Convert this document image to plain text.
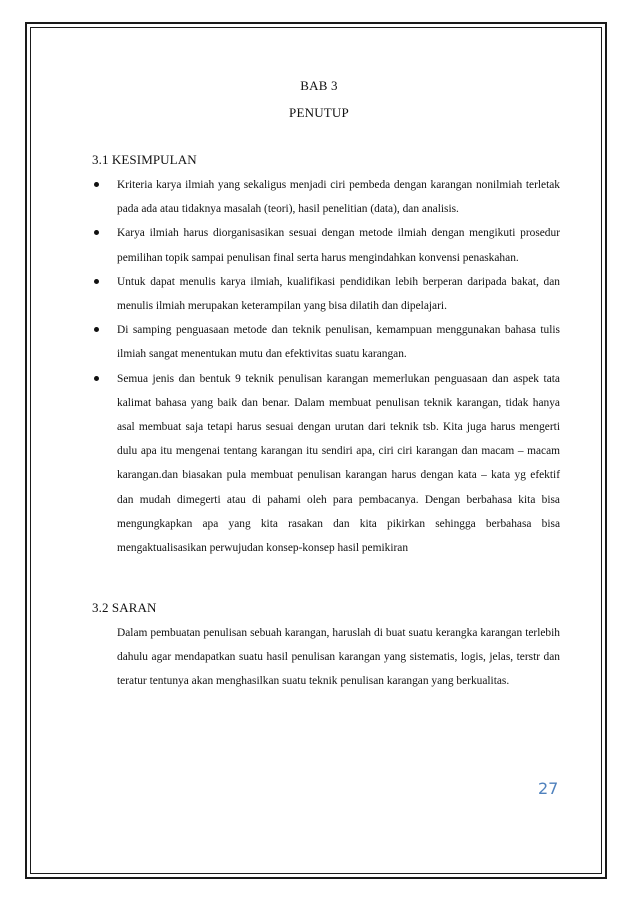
BAB 3
PENUTUP
3.1 KESIMPULAN
Kriteria karya ilmiah yang sekaligus menjadi ciri pembeda dengan karangan nonilmiah terletak pada ada atau tidaknya masalah (teori), hasil penelitian (data), dan analisis.
Karya ilmiah harus diorganisasikan sesuai dengan metode ilmiah dengan mengikuti prosedur pemilihan topik sampai penulisan final serta harus mengindahkan konvensi penaskahan.
Untuk dapat menulis karya ilmiah, kualifikasi pendidikan lebih berperan daripada bakat, dan menulis ilmiah merupakan keterampilan yang bisa dilatih dan dipelajari.
Di samping penguasaan metode dan teknik penulisan, kemampuan menggunakan bahasa tulis ilmiah sangat menentukan mutu dan efektivitas suatu karangan.
Semua jenis dan bentuk 9 teknik penulisan karangan memerlukan penguasaan dan aspek tata kalimat bahasa yang baik dan benar. Dalam membuat penulisan teknik karangan, tidak hanya asal membuat saja tetapi harus sesuai dengan urutan dari teknik tsb. Kita juga harus mengerti dulu apa itu mengenai tentang karangan itu sendiri apa, ciri ciri karangan dan macam – macam karangan.dan biasakan pula membuat penulisan karangan harus dengan kata – kata yg efektif dan mudah dimegerti atau di pahami oleh para pembacanya. Dengan berbahasa kita bisa mengungkapkan apa yang kita rasakan dan kita pikirkan sehingga berbahasa bisa mengaktualisasikan perwujudan konsep-konsep hasil pemikiran
3.2 SARAN

Dalam pembuatan penulisan sebuah karangan, haruslah di buat suatu kerangka karangan terlebih dahulu agar mendapatkan suatu hasil penulisan karangan yang sistematis, logis, jelas, terstr dan teratur tentunya akan menghasilkan suatu teknik penulisan karangan yang berkualitas.

27
